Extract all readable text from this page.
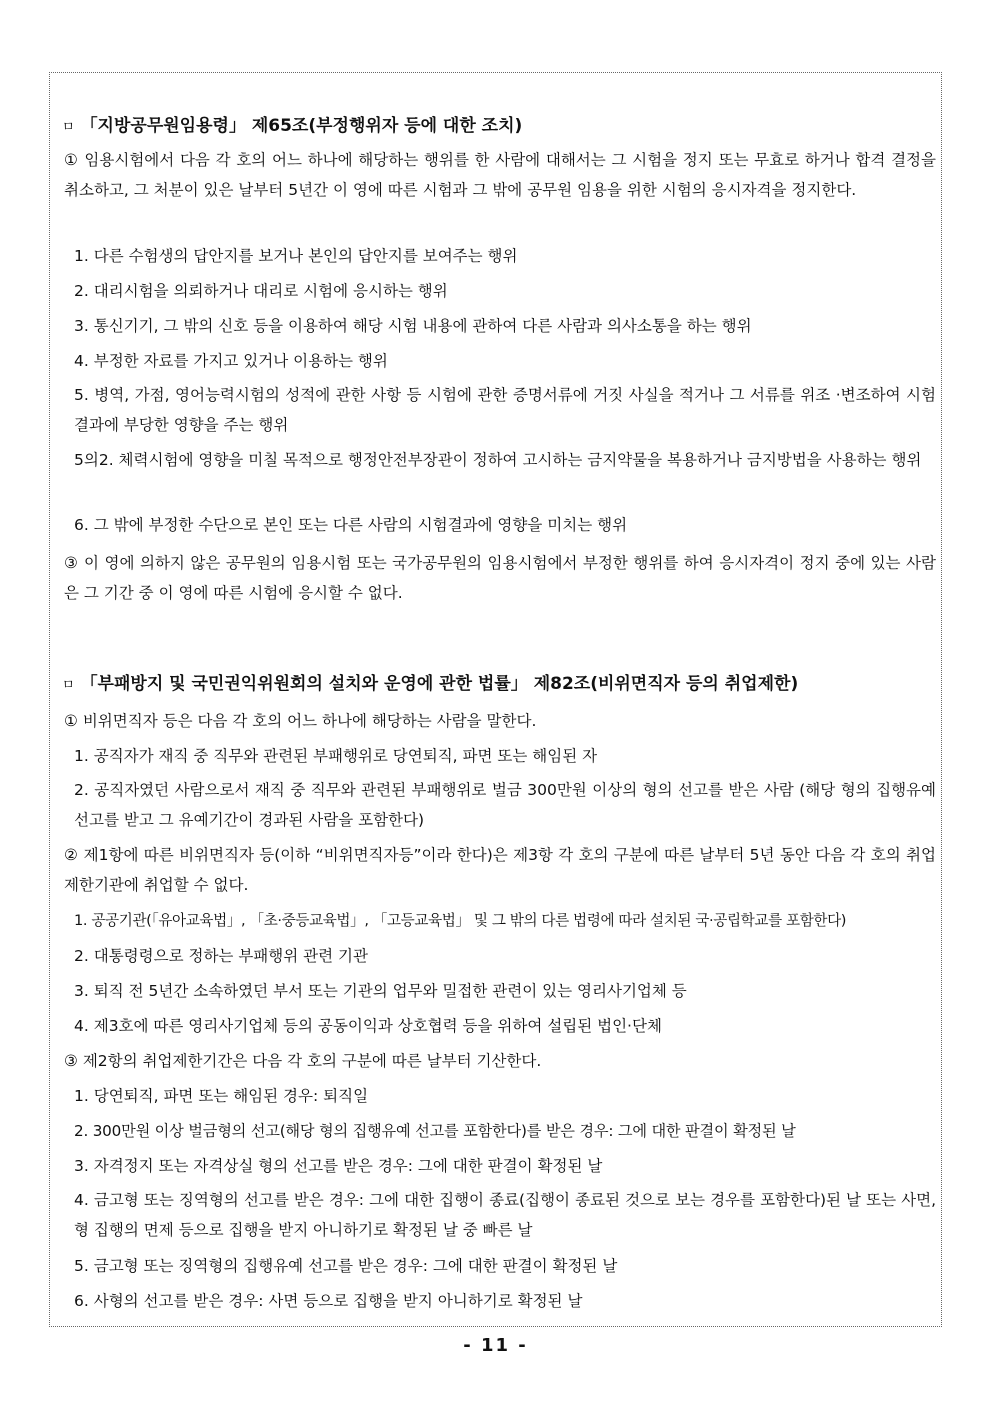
ㅁ 「지방공무원임용령」 제65조(부정행위자 등에 대한 조치)
① 임용시험에서 다음 각 호의 어느 하나에 해당하는 행위를 한 사람에 대해서는 그 시험을 정지 또는 무효로 하거나 합격 결정을 취소하고, 그 처분이 있은 날부터 5년간 이 영에 따른 시험과 그 밖에 공무원 임용을 위한 시험의 응시자격을 정지한다.
1. 다른 수험생의 답안지를 보거나 본인의 답안지를 보여주는 행위
2. 대리시험을 의뢰하거나 대리로 시험에 응시하는 행위
3. 통신기기, 그 밖의 신호 등을 이용하여 해당 시험 내용에 관하여 다른 사람과 의사소통을 하는 행위
4. 부정한 자료를 가지고 있거나 이용하는 행위
5. 병역, 가점, 영어능력시험의 성적에 관한 사항 등 시험에 관한 증명서류에 거짓 사실을 적거나 그 서류를 위조 ·변조하여 시험결과에 부당한 영향을 주는 행위
5의2. 체력시험에 영향을 미칠 목적으로 행정안전부장관이 정하여 고시하는 금지약물을 복용하거나 금지방법을 사용하는 행위
6. 그 밖에 부정한 수단으로 본인 또는 다른 사람의 시험결과에 영향을 미치는 행위
③ 이 영에 의하지 않은 공무원의 임용시험 또는 국가공무원의 임용시험에서 부정한 행위를 하여 응시자격이 정지 중에 있는 사람은 그 기간 중 이 영에 따른 시험에 응시할 수 없다.
ㅁ 「부패방지 및 국민권익위원회의 설치와 운영에 관한 법률」 제82조(비위면직자 등의 취업제한)
① 비위면직자 등은 다음 각 호의 어느 하나에 해당하는 사람을 말한다.
1. 공직자가 재직 중 직무와 관련된 부패행위로 당연퇴직, 파면 또는 해임된 자
2. 공직자였던 사람으로서 재직 중 직무와 관련된 부패행위로 벌금 300만원 이상의 형의 선고를 받은 사람 (해당 형의 집행유예 선고를 받고 그 유예기간이 경과된 사람을 포함한다)
② 제1항에 따른 비위면직자 등(이하 “비위면직자등”이라 한다)은 제3항 각 호의 구분에 따른 날부터 5년 동안 다음 각 호의 취업제한기관에 취업할 수 없다.
1. 공공기관(「유아교육법」, 「초·중등교육법」, 「고등교육법」 및 그 밖의 다른 법령에 따라 설치된 국·공립학교를 포함한다)
2. 대통령령으로 정하는 부패행위 관련 기관
3. 퇴직 전 5년간 소속하였던 부서 또는 기관의 업무와 밀접한 관련이 있는 영리사기업체 등
4. 제3호에 따른 영리사기업체 등의 공동이익과 상호협력 등을 위하여 설립된 법인·단체
③ 제2항의 취업제한기간은 다음 각 호의 구분에 따른 날부터 기산한다.
1. 당연퇴직, 파면 또는 해임된 경우: 퇴직일
2. 300만원 이상 벌금형의 선고(해당 형의 집행유예 선고를 포함한다)를 받은 경우: 그에 대한 판결이 확정된 날
3. 자격정지 또는 자격상실 형의 선고를 받은 경우: 그에 대한 판결이 확정된 날
4. 금고형 또는 징역형의 선고를 받은 경우: 그에 대한 집행이 종료(집행이 종료된 것으로 보는 경우를 포함한다)된 날 또는 사면, 형 집행의 면제 등으로 집행을 받지 아니하기로 확정된 날 중 빠른 날
5. 금고형 또는 징역형의 집행유예 선고를 받은 경우: 그에 대한 판결이 확정된 날
6. 사형의 선고를 받은 경우: 사면 등으로 집행을 받지 아니하기로 확정된 날
- 11 -
